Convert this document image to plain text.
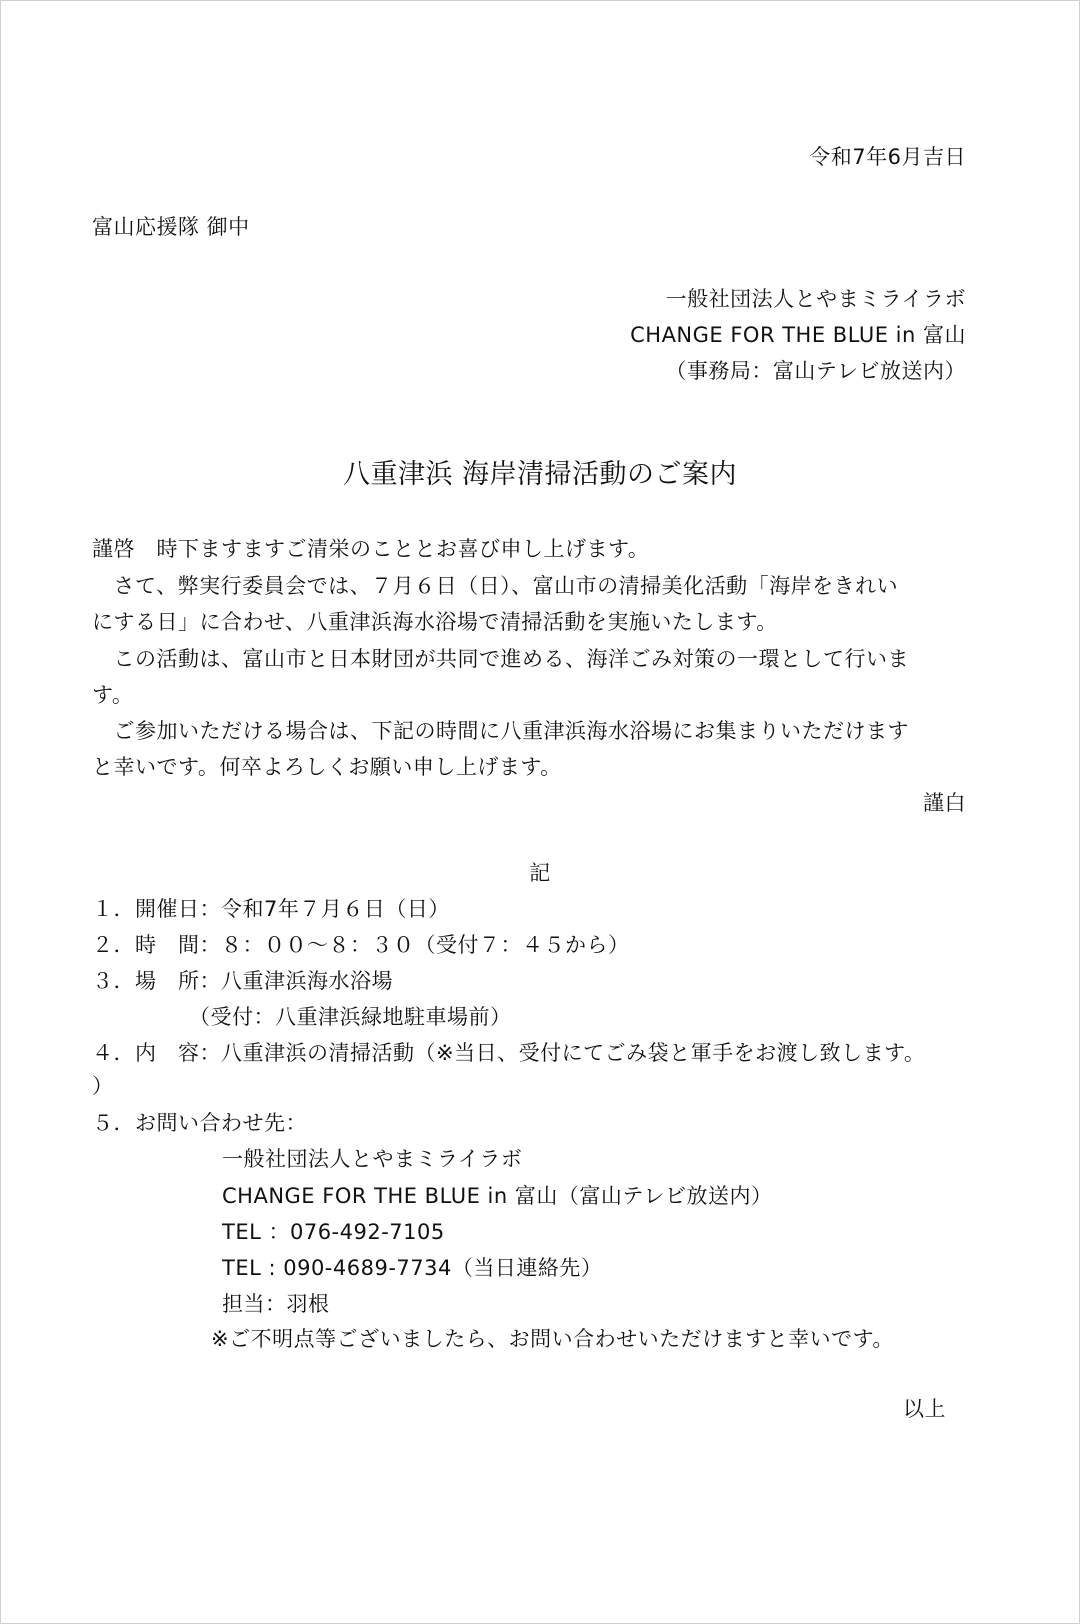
令和7年6月吉日
富山応援隊 御中
一般社団法人とやまミライラボ
CHANGE FOR THE BLUE in 富山
（事務局：富山テレビ放送内）
八重津浜 海岸清掃活動のご案内
謹啓　時下ますますご清栄のこととお喜び申し上げます。
　さて、弊実行委員会では、７月６日（日）、富山市の清掃美化活動「海岸をきれい
にする日」に合わせ、八重津浜海水浴場で清掃活動を実施いたします。
　この活動は、富山市と日本財団が共同で進める、海洋ごみ対策の一環として行いま
す。
　ご参加いただける場合は、下記の時間に八重津浜海水浴場にお集まりいただけます
と幸いです。何卒よろしくお願い申し上げます。
謹白
記
１．開催日：令和7年７月６日（日）
２．時　間：８：００～８：３０（受付７：４５から）
３．場　所：八重津浜海水浴場
　　　　　（受付：八重津浜緑地駐車場前）
４．内　容：八重津浜の清掃活動（※当日、受付にてごみ袋と軍手をお渡し致します。
）
５．お問い合わせ先：
一般社団法人とやまミライラボ
CHANGE FOR THE BLUE in 富山（富山テレビ放送内）
TEL ：076‐492‐7105
TEL : 090‐4689‐7734（当日連絡先）
担当：羽根
※ご不明点等ございましたら、お問い合わせいただけますと幸いです。
以上
